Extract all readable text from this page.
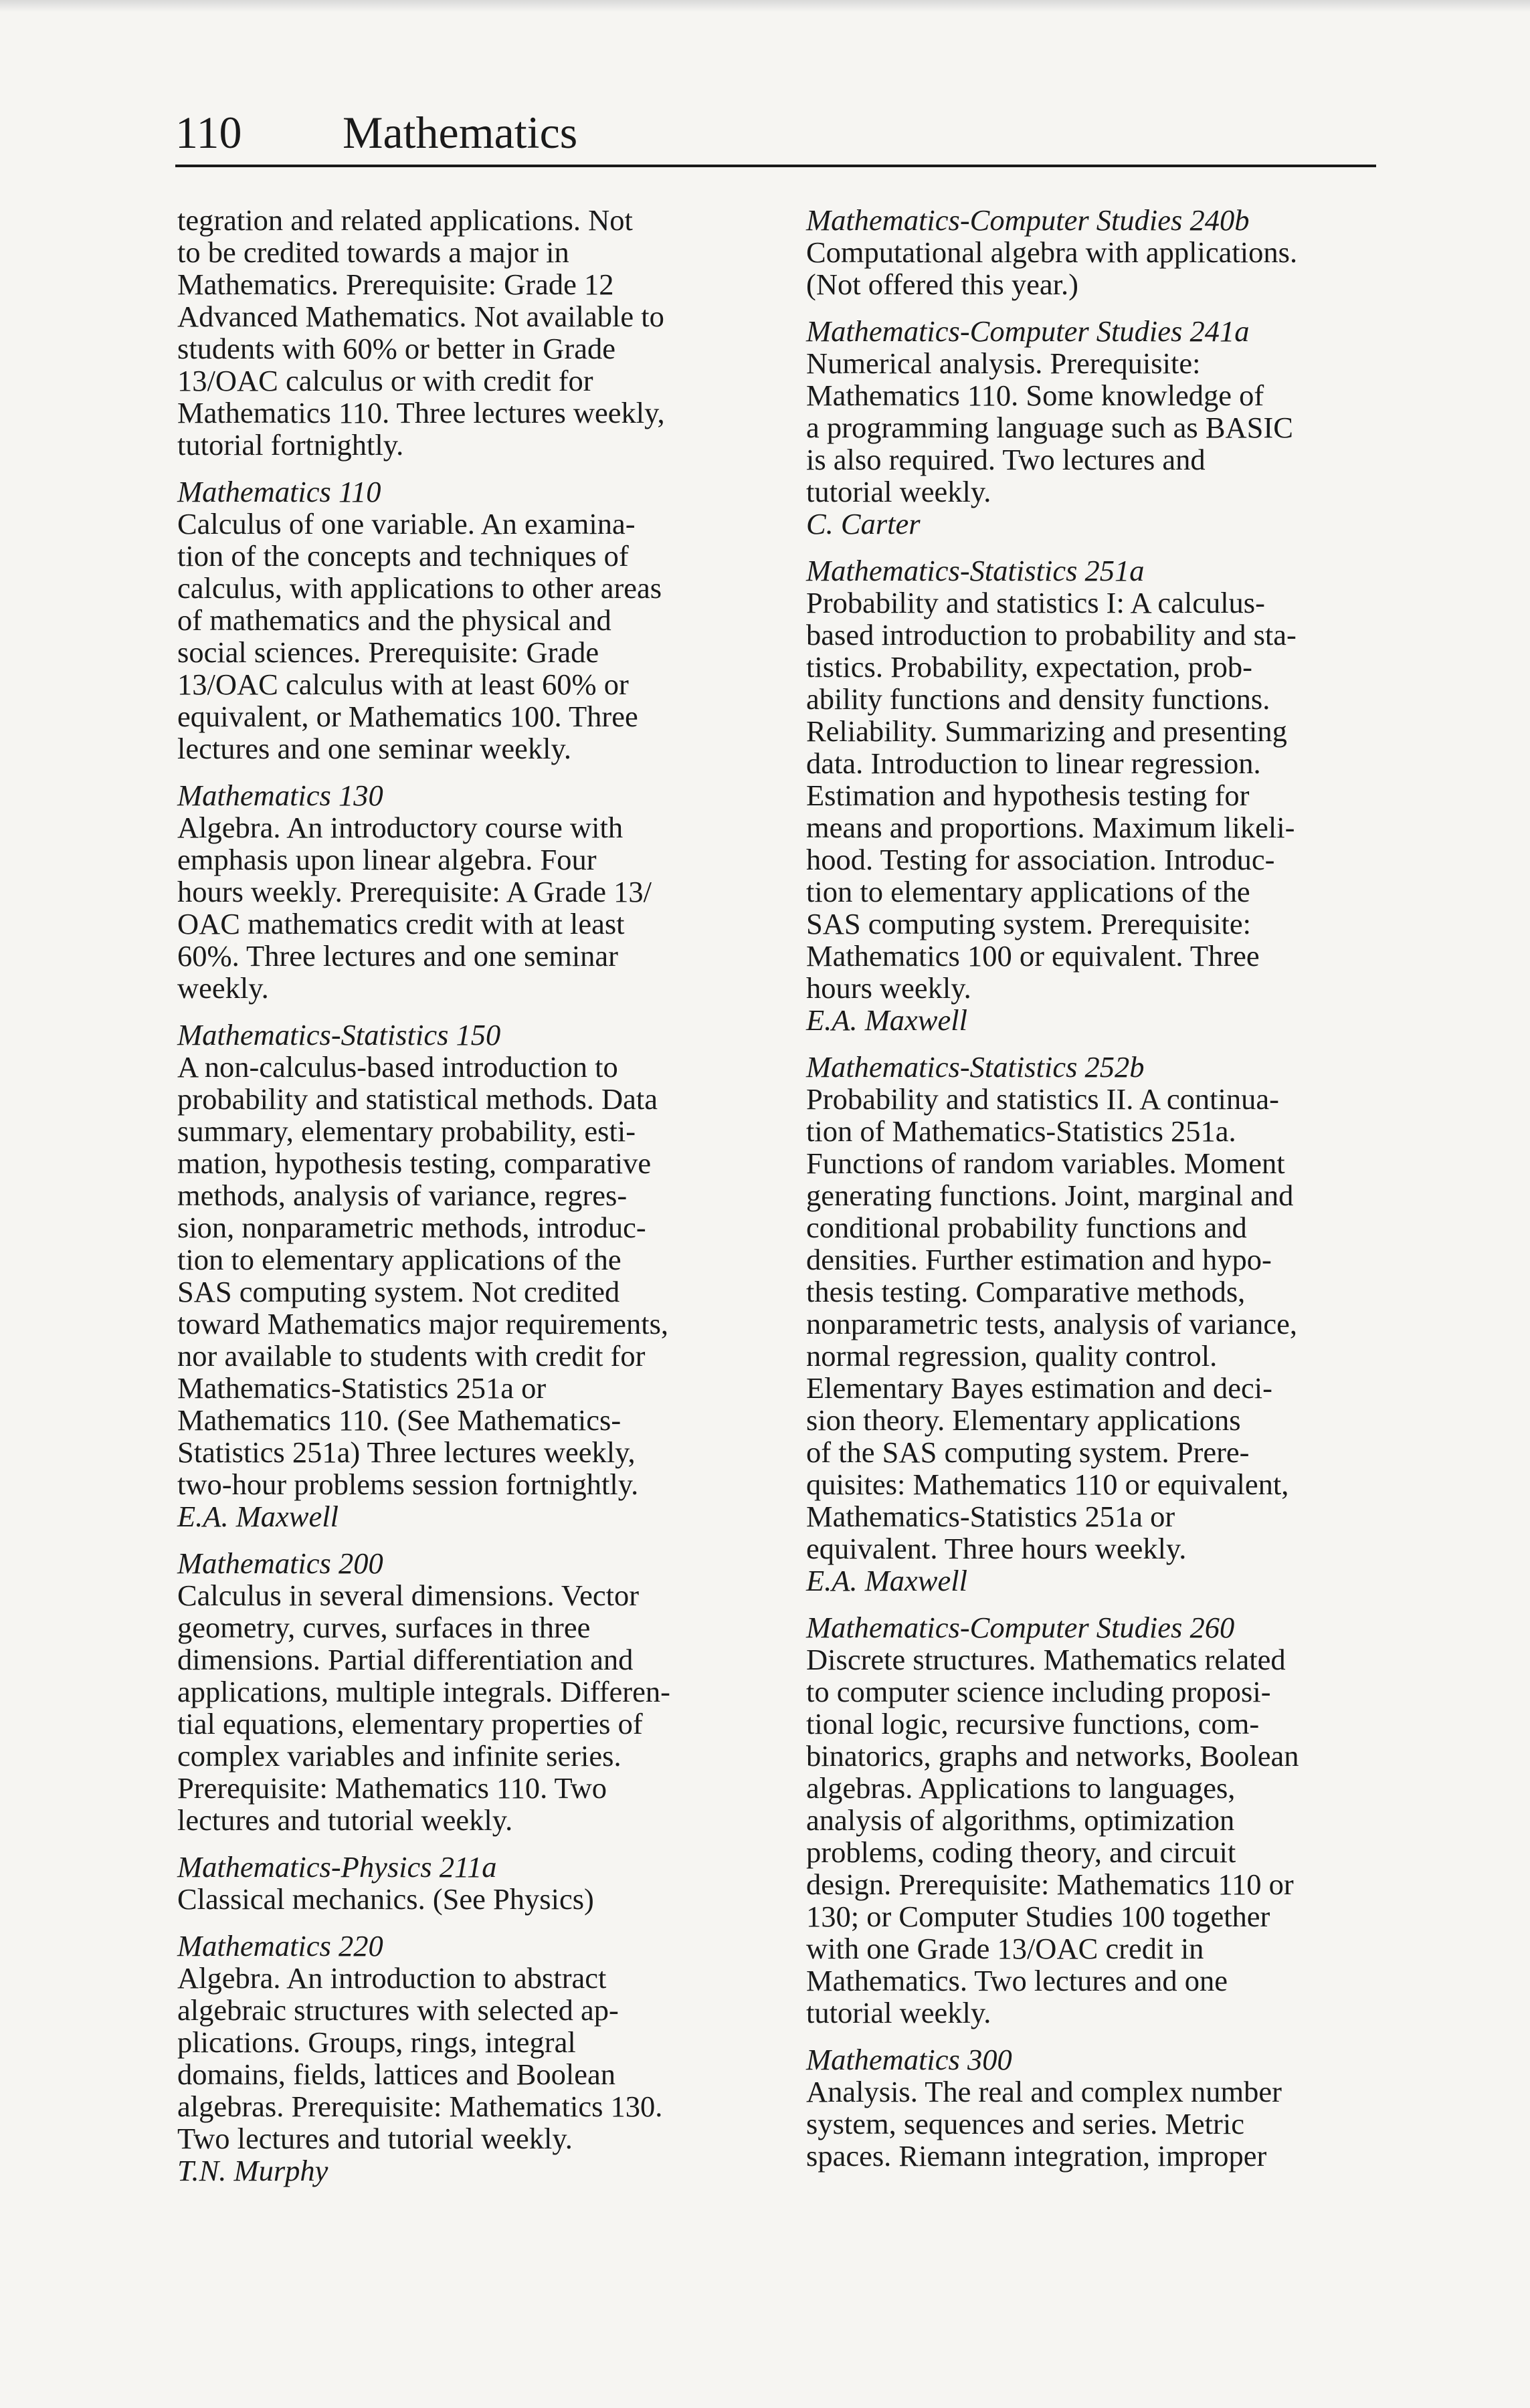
110 Mathematics
tegration and related applications. Not
to be credited towards a major in
Mathematics. Prerequisite: Grade 12
Advanced Mathematics. Not available to
students with 60% or better in Grade
13/OAC calculus or with credit for
Mathematics 110. Three lectures weekly,
tutorial fortnightly.
Mathematics 110
Calculus of one variable. An examina-
tion of the concepts and techniques of
calculus, with applications to other areas
of mathematics and the physical and
social sciences. Prerequisite: Grade
13/OAC calculus with at least 60% or
equivalent, or Mathematics 100. Three
lectures and one seminar weekly.
Mathematics 130
Algebra. An introductory course with
emphasis upon linear algebra. Four
hours weekly. Prerequisite: A Grade 13/
OAC mathematics credit with at least
60%. Three lectures and one seminar
weekly.
Mathematics-Statistics 150
A non-calculus-based introduction to
probability and statistical methods. Data
summary, elementary probability, esti-
mation, hypothesis testing, comparative
methods, analysis of variance, regres-
sion, nonparametric methods, introduc-
tion to elementary applications of the
SAS computing system. Not credited
toward Mathematics major requirements,
nor available to students with credit for
Mathematics-Statistics 251a or
Mathematics 110. (See Mathematics-
Statistics 251a) Three lectures weekly,
two-hour problems session fortnightly.
E.A. Maxwell
Mathematics 200
Calculus in several dimensions. Vector
geometry, curves, surfaces in three
dimensions. Partial differentiation and
applications, multiple integrals. Differen-
tial equations, elementary properties of
complex variables and infinite series.
Prerequisite: Mathematics 110. Two
lectures and tutorial weekly.
Mathematics-Physics 211a
Classical mechanics. (See Physics)
Mathematics 220
Algebra. An introduction to abstract
algebraic structures with selected ap-
plications. Groups, rings, integral
domains, fields, lattices and Boolean
algebras. Prerequisite: Mathematics 130.
Two lectures and tutorial weekly.
T.N. Murphy
Mathematics-Computer Studies 240b
Computational algebra with applications.
(Not offered this year.)
Mathematics-Computer Studies 241a
Numerical analysis. Prerequisite:
Mathematics 110. Some knowledge of
a programming language such as BASIC
is also required. Two lectures and
tutorial weekly.
C. Carter
Mathematics-Statistics 251a
Probability and statistics I: A calculus-
based introduction to probability and sta-
tistics. Probability, expectation, prob-
ability functions and density functions.
Reliability. Summarizing and presenting
data. Introduction to linear regression.
Estimation and hypothesis testing for
means and proportions. Maximum likeli-
hood. Testing for association. Introduc-
tion to elementary applications of the
SAS computing system. Prerequisite:
Mathematics 100 or equivalent. Three
hours weekly.
E.A. Maxwell
Mathematics-Statistics 252b
Probability and statistics II. A continua-
tion of Mathematics-Statistics 251a.
Functions of random variables. Moment
generating functions. Joint, marginal and
conditional probability functions and
densities. Further estimation and hypo-
thesis testing. Comparative methods,
nonparametric tests, analysis of variance,
normal regression, quality control.
Elementary Bayes estimation and deci-
sion theory. Elementary applications
of the SAS computing system. Prere-
quisites: Mathematics 110 or equivalent,
Mathematics-Statistics 251a or
equivalent. Three hours weekly.
E.A. Maxwell
Mathematics-Computer Studies 260
Discrete structures. Mathematics related
to computer science including proposi-
tional logic, recursive functions, com-
binatorics, graphs and networks, Boolean
algebras. Applications to languages,
analysis of algorithms, optimization
problems, coding theory, and circuit
design. Prerequisite: Mathematics 110 or
130; or Computer Studies 100 together
with one Grade 13/OAC credit in
Mathematics. Two lectures and one
tutorial weekly.
Mathematics 300
Analysis. The real and complex number
system, sequences and series. Metric
spaces. Riemann integration, improper
